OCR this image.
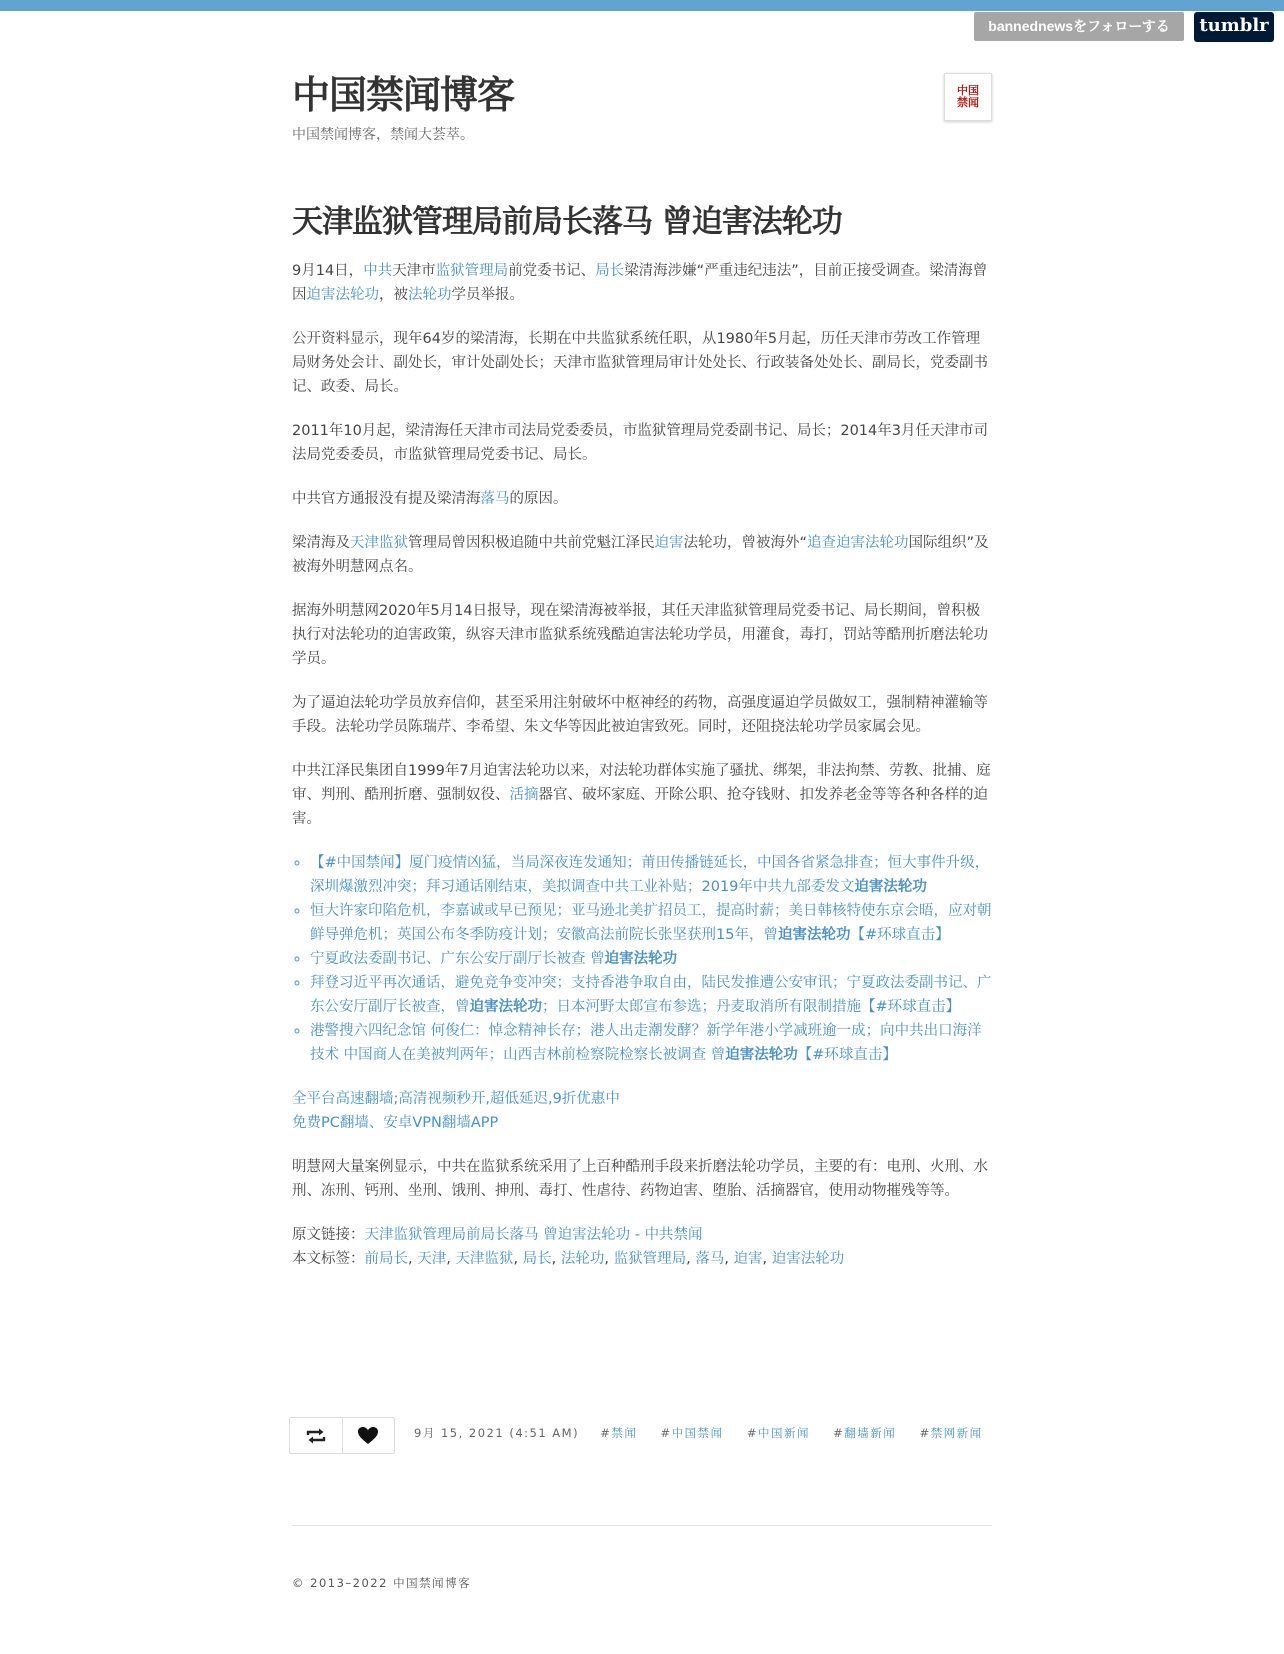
bannednewsをフォローする	tumblr
中国禁闻
中国禁闻博客
中国禁闻博客，禁闻大荟萃。
天津监狱管理局前局长落马 曾迫害法轮功

9月14日，中共天津市监狱管理局前党委书记、局长梁清海涉嫌“严重违纪违法”，目前正接受调查。梁清海曾因迫害法轮功，被法轮功学员举报。

公开资料显示，现年64岁的梁清海，长期在中共监狱系统任职，从1980年5月起，历任天津市劳改工作管理局财务处会计、副处长，审计处副处长；天津市监狱管理局审计处处长、行政装备处处长、副局长，党委副书记、政委、局长。

2011年10月起，梁清海任天津市司法局党委委员，市监狱管理局党委副书记、局长；2014年3月任天津市司法局党委委员，市监狱管理局党委书记、局长。

中共官方通报没有提及梁清海落马的原因。

梁清海及天津监狱管理局曾因积极追随中共前党魁江泽民迫害法轮功，曾被海外“追查迫害法轮功国际组织”及被海外明慧网点名。

据海外明慧网2020年5月14日报导，现在梁清海被举报，其任天津监狱管理局党委书记、局长期间，曾积极执行对法轮功的迫害政策，纵容天津市监狱系统残酷迫害法轮功学员，用灌食，毒打，罚站等酷刑折磨法轮功学员。

为了逼迫法轮功学员放弃信仰，甚至采用注射破坏中枢神经的药物，高强度逼迫学员做奴工，强制精神灌输等手段。法轮功学员陈瑞芹、李希望、朱文华等因此被迫害致死。同时，还阻挠法轮功学员家属会见。

中共江泽民集团自1999年7月迫害法轮功以来，对法轮功群体实施了骚扰、绑架，非法拘禁、劳教、批捕、庭审、判刑、酷刑折磨、强制奴役、活摘器官、破坏家庭、开除公职、抢夺钱财、扣发养老金等等各种各样的迫害。

◦ 【#中国禁闻】厦门疫情凶猛，当局深夜连发通知；莆田传播链延长，中国各省紧急排查；恒大事件升级，深圳爆激烈冲突；拜习通话刚结束，美拟调查中共工业补贴；2019年中共九部委发文迫害法轮功
◦ 恒大许家印陷危机，李嘉诚或早已预见；亚马逊北美扩招员工，提高时薪；美日韩核特使东京会晤，应对朝鲜导弹危机；英国公布冬季防疫计划；安徽高法前院长张坚获刑15年，曾迫害法轮功【#环球直击】
◦ 宁夏政法委副书记、广东公安厅副厅长被查 曾迫害法轮功
◦ 拜登习近平再次通话，避免竞争变冲突；支持香港争取自由，陆民发推遭公安审讯；宁夏政法委副书记、广东公安厅副厅长被查，曾迫害法轮功；日本河野太郎宣布参选；丹麦取消所有限制措施【#环球直击】
◦ 港警搜六四纪念馆 何俊仁：悼念精神长存；港人出走潮发酵？新学年港小学减班逾一成；向中共出口海洋技术 中国商人在美被判两年；山西吉林前检察院检察长被调查 曾迫害法轮功【#环球直击】

全平台高速翻墙;高清视频秒开,超低延迟,9折优惠中
免费PC翻墙、安卓VPN翻墙APP

明慧网大量案例显示，中共在监狱系统采用了上百种酷刑手段来折磨法轮功学员，主要的有：电刑、火刑、水刑、冻刑、钙刑、坐刑、饿刑、抻刑、毒打、性虐待、药物迫害、堕胎、活摘器官，使用动物摧残等等。

原文链接：天津监狱管理局前局长落马 曾迫害法轮功 - 中共禁闻
本文标签：前局长, 天津, 天津监狱, 局长, 法轮功, 监狱管理局, 落马, 迫害, 迫害法轮功

9月 15, 2021 (4:51 AM) #禁闻 #中国禁闻 #中国新闻 #翻墙新闻 #禁网新闻
© 2013–2022 中国禁闻博客
